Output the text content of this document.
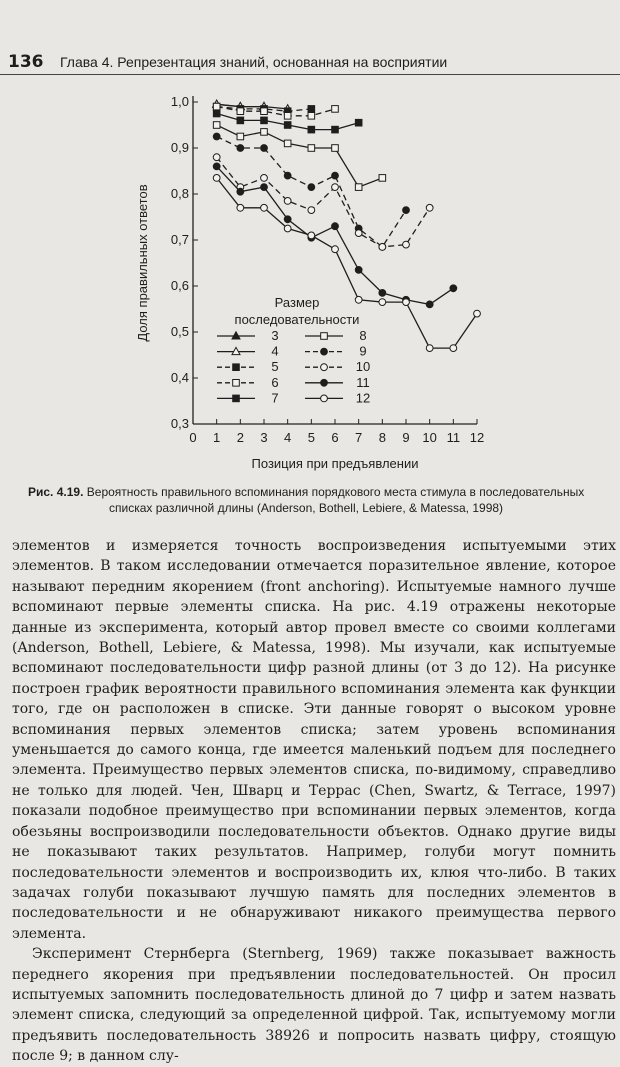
136 Глава 4. Репрезентация знаний, основанная на восприятии
0,3
0,4
0,5
0,6
0,7
0,8
0,9
1,0
0 1 2 3 4 5 6 7 8 9 10 11 12
Позиция при предъявлении
Доля правильных ответов	Размер
последовательности
3
4
5
6
7
8
9
10
11
12
Рис. 4.19. Вероятность правильного вспоминания порядкового места стимула в последовательных
списках различной длины (Anderson, Bothell, Lebiere, & Matessa, 1998)

элементов и измеряется точность воспроизведения испытуемыми этих элементов. В таком исследовании отмечается поразительное явление, которое называют передним якорением (front anchoring). Испытуемые намного лучше вспоминают первые элементы списка. На рис. 4.19 отражены некоторые данные из эксперимента, который автор провел вместе со своими коллегами (Anderson, Bothell, Lebiere, & Matessa, 1998). Мы изучали, как испытуемые вспоминают последовательности цифр разной длины (от 3 до 12). На рисунке построен график вероятности правильного вспоминания элемента как функции того, где он расположен в списке. Эти данные говорят о высоком уровне вспоминания первых элементов списка; затем уровень вспоминания уменьшается до самого конца, где имеется маленький подъем для последнего элемента. Преимущество первых элементов списка, по-видимому, справедливо не только для людей. Чен, Шварц и Террас (Chen, Swartz, & Terrace, 1997) показали подобное преимущество при вспоминании первых элементов, когда обезьяны воспроизводили последовательности объектов. Однако другие виды не показывают таких результатов. Например, голуби могут помнить последовательности элементов и воспроизводить их, клюя что-либо. В таких задачах голуби показывают лучшую память для последних элементов в последовательности и не обнаруживают никакого преимущества первого элемента.

Эксперимент Стернберга (Sternberg, 1969) также показывает важность переднего якорения при предъявлении последовательностей. Он просил испытуемых запомнить последовательность длиной до 7 цифр и затем назвать элемент списка, следующий за определенной цифрой. Так, испытуемому могли предъявить последовательность 38926 и попросить назвать цифру, стоящую после 9; в данном слу-
